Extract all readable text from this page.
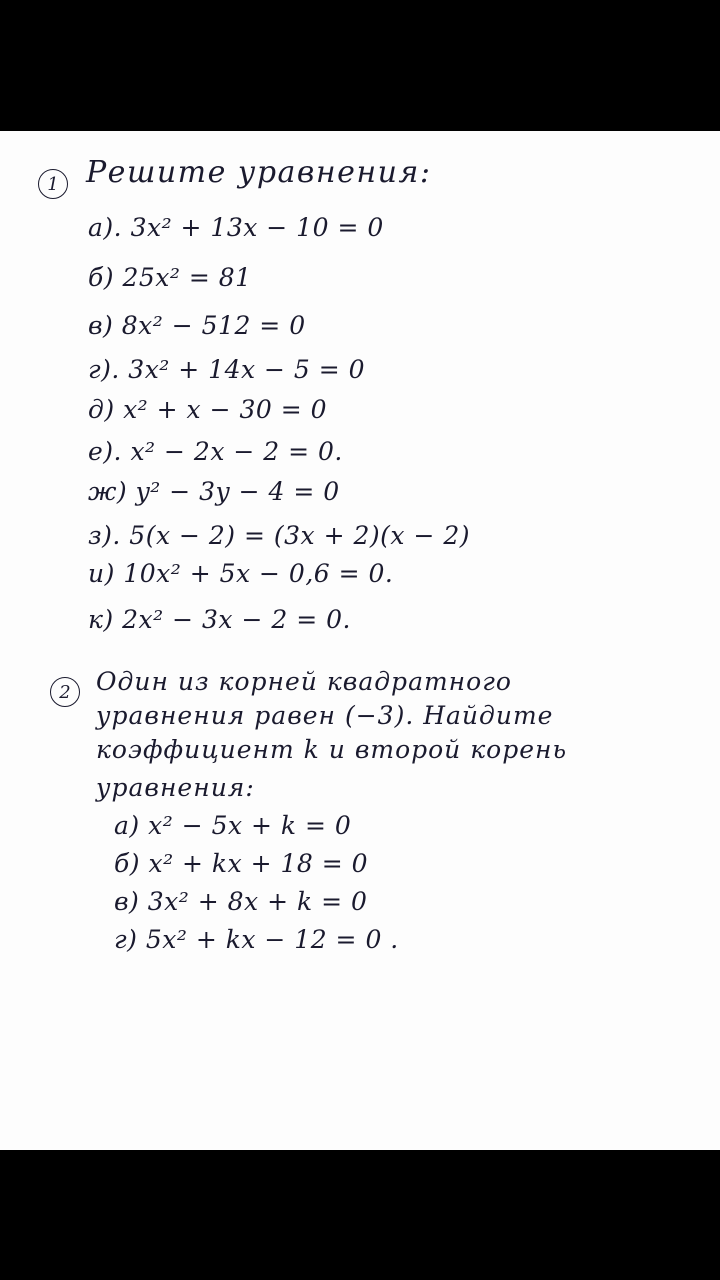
1 Решите уравнения:
а). 3x² + 13x − 10 = 0
б) 25x² = 81
в) 8x² − 512 = 0
г). 3x² + 14x − 5 = 0
д) x² + x − 30 = 0
е). x² − 2x − 2 = 0.
ж) y² − 3y − 4 = 0
з). 5(x − 2) = (3x + 2)(x − 2)
и) 10x² + 5x − 0,6 = 0.
к) 2x² − 3x − 2 = 0.
2	Один из корней квадратного
уравнения равен (−3). Найдите
коэффициент k и второй корень
уравнения:
а) x² − 5x + k = 0
б) x² + kx + 18 = 0
в) 3x² + 8x + k = 0
г) 5x² + kx − 12 = 0 .
